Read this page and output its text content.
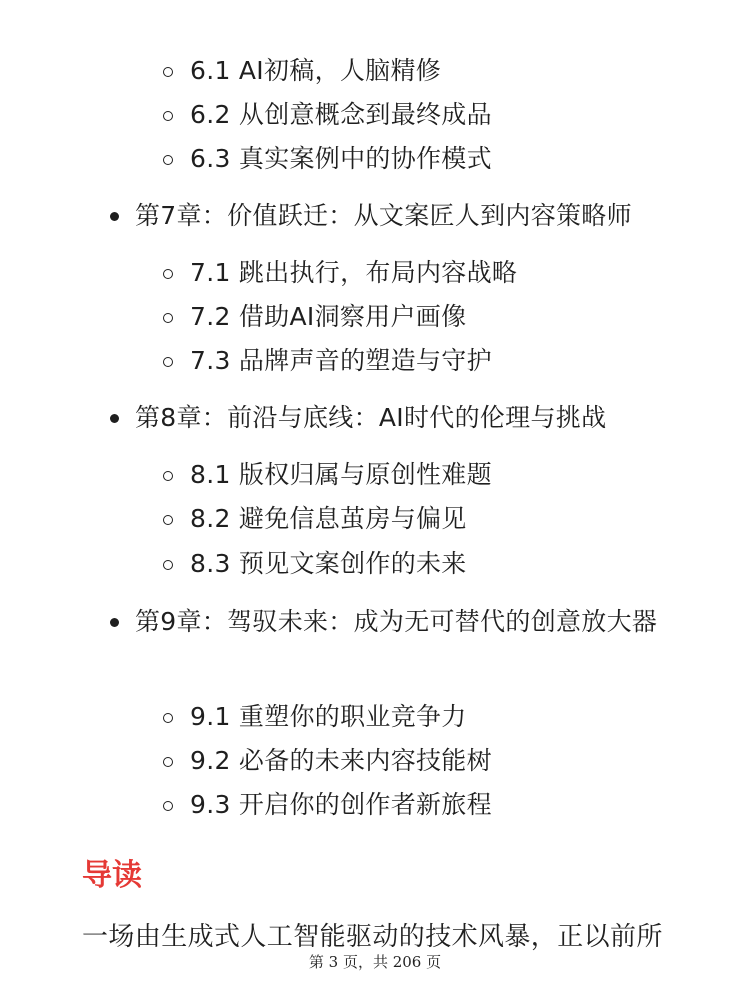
6.1 AI初稿，人脑精修
6.2 从创意概念到最终成品
6.3 真实案例中的协作模式
第7章：价值跃迁：从文案匠人到内容策略师
7.1 跳出执行，布局内容战略
7.2 借助AI洞察用户画像
7.3 品牌声音的塑造与守护
第8章：前沿与底线：AI时代的伦理与挑战
8.1 版权归属与原创性难题
8.2 避免信息茧房与偏见
8.3 预见文案创作的未来
第9章：驾驭未来：成为无可替代的创意放大器
9.1 重塑你的职业竞争力
9.2 必备的未来内容技能树
9.3 开启你的创作者新旅程
导读
一场由生成式人工智能驱动的技术风暴，正以前所
第 3 页，共 206 页
